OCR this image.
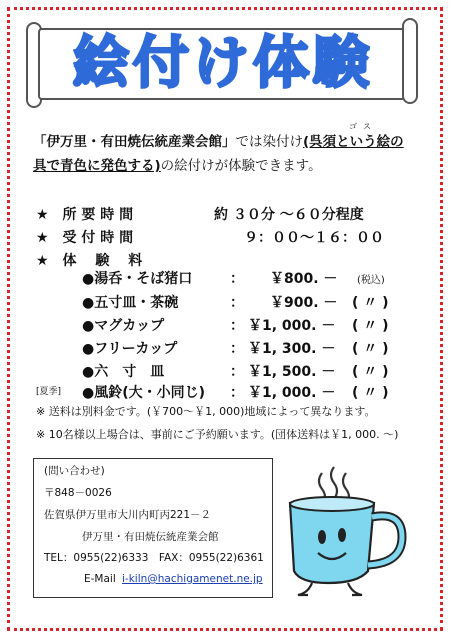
絵付け体験
ゴス
「伊万里・有田焼伝統産業会館」では染付け(呉須という絵の
具で青色に発色する)の絵付けが体験できます。
★　所 要 時 間	約 ３０分 ～６０分程度
★　受 付 時 間	９：００～１６：００
★　体　 験　 料
●湯呑・そば猪口	： ￥800. － (税込)
●五寸皿・茶碗	： ￥900. － ( 〃 )
●マグカップ	： ￥1, 000. － ( 〃 )
●フリーカップ	： ￥1, 300. － ( 〃 )
●六　寸　皿	： ￥1, 500. － ( 〃 )
[夏季] ●風鈴(大・小同じ) ： ￥1, 000. － ( 〃 )
※ 送料は別料金です。(￥700～￥1, 000)地域によって異なります。
※ 10名様以上場合は、事前にご予約願います。(団体送料は￥1, 000. ～)
(問い合わせ)
〒848－0026
佐賀県伊万里市大川内町丙221－２
伊万里・有田焼伝統産業会館
TEL：0955(22)6333　FAX：0955(22)6361
E-Mail i-kiln@hachigamenet.ne.jp
